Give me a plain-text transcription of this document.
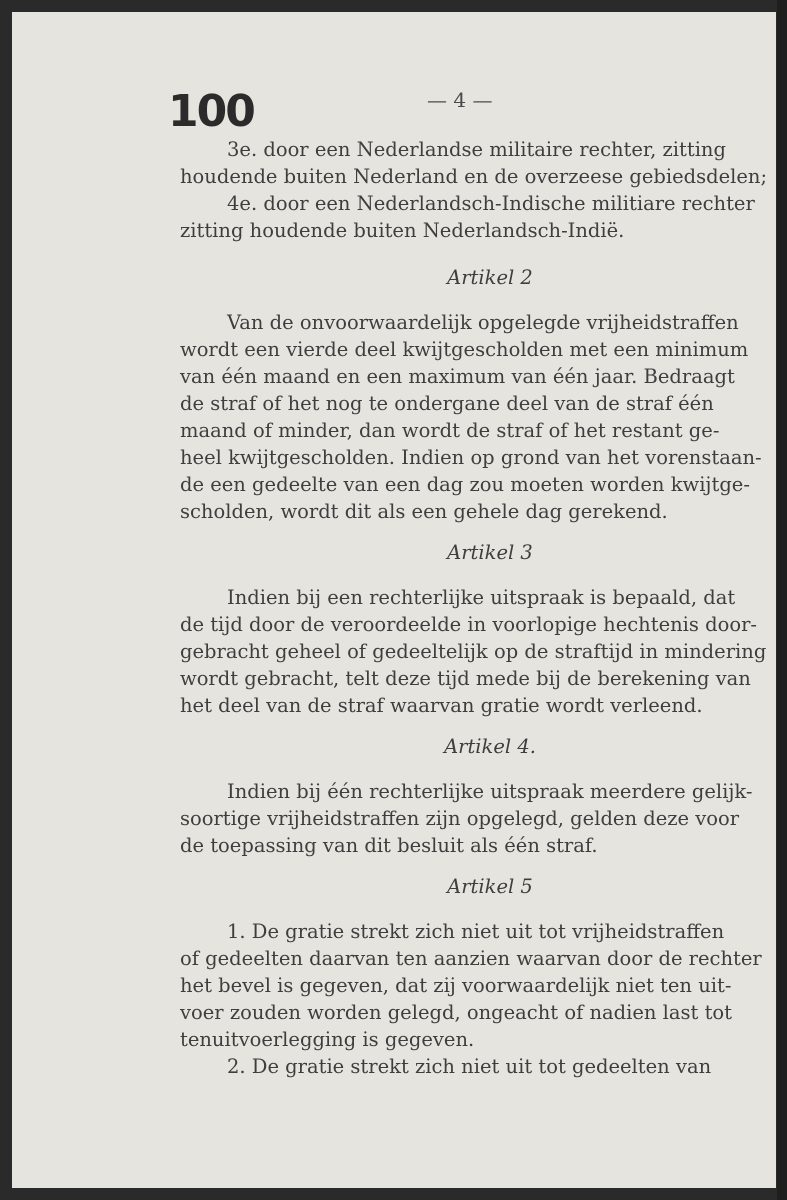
100	— 4 —
3e. door een Nederlandse militaire rechter, zitting
houdende buiten Nederland en de overzeese gebiedsdelen;
4e. door een Nederlandsch-Indische militiare rechter
zitting houdende buiten Nederlandsch-Indië.
Artikel 2
Van de onvoorwaardelijk opgelegde vrijheidstraffen
wordt een vierde deel kwijtgescholden met een minimum
van één maand en een maximum van één jaar. Bedraagt
de straf of het nog te ondergane deel van de straf één
maand of minder, dan wordt de straf of het restant ge-
heel kwijtgescholden. Indien op grond van het vorenstaan-
de een gedeelte van een dag zou moeten worden kwijtge-
scholden, wordt dit als een gehele dag gerekend.
Artikel 3
Indien bij een rechterlijke uitspraak is bepaald, dat
de tijd door de veroordeelde in voorlopige hechtenis door-
gebracht geheel of gedeeltelijk op de straftijd in mindering
wordt gebracht, telt deze tijd mede bij de berekening van
het deel van de straf waarvan gratie wordt verleend.
Artikel 4.
Indien bij één rechterlijke uitspraak meerdere gelijk-
soortige vrijheidstraffen zijn opgelegd, gelden deze voor
de toepassing van dit besluit als één straf.
Artikel 5
1. De gratie strekt zich niet uit tot vrijheidstraffen
of gedeelten daarvan ten aanzien waarvan door de rechter
het bevel is gegeven, dat zij voorwaardelijk niet ten uit-
voer zouden worden gelegd, ongeacht of nadien last tot
tenuitvoerlegging is gegeven.
2. De gratie strekt zich niet uit tot gedeelten van
